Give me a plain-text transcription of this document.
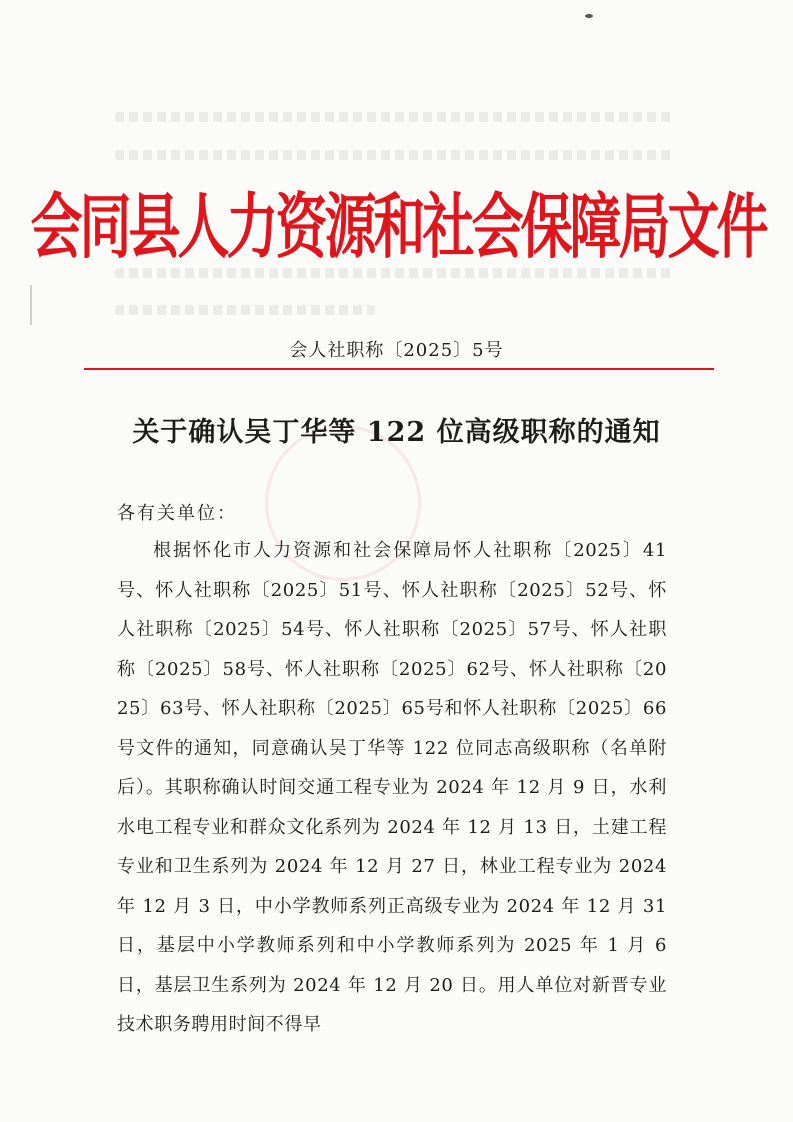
会同县人力资源和社会保障局文件
会人社职称〔2025〕5号
关于确认吴丁华等 122 位高级职称的通知
各有关单位：
根据怀化市人力资源和社会保障局怀人社职称〔2025〕41号、怀人社职称〔2025〕51号、怀人社职称〔2025〕52号、怀人社职称〔2025〕54号、怀人社职称〔2025〕57号、怀人社职称〔2025〕58号、怀人社职称〔2025〕62号、怀人社职称〔2025〕63号、怀人社职称〔2025〕65号和怀人社职称〔2025〕66号文件的通知，同意确认吴丁华等 122 位同志高级职称（名单附后）。其职称确认时间交通工程专业为 2024 年 12 月 9 日，水利水电工程专业和群众文化系列为 2024 年 12 月 13 日，土建工程专业和卫生系列为 2024 年 12 月 27 日，林业工程专业为 2024 年 12 月 3 日，中小学教师系列正高级专业为 2024 年 12 月 31 日，基层中小学教师系列和中小学教师系列为 2025 年 1 月 6 日，基层卫生系列为 2024 年 12 月 20 日。用人单位对新晋专业技术职务聘用时间不得早
